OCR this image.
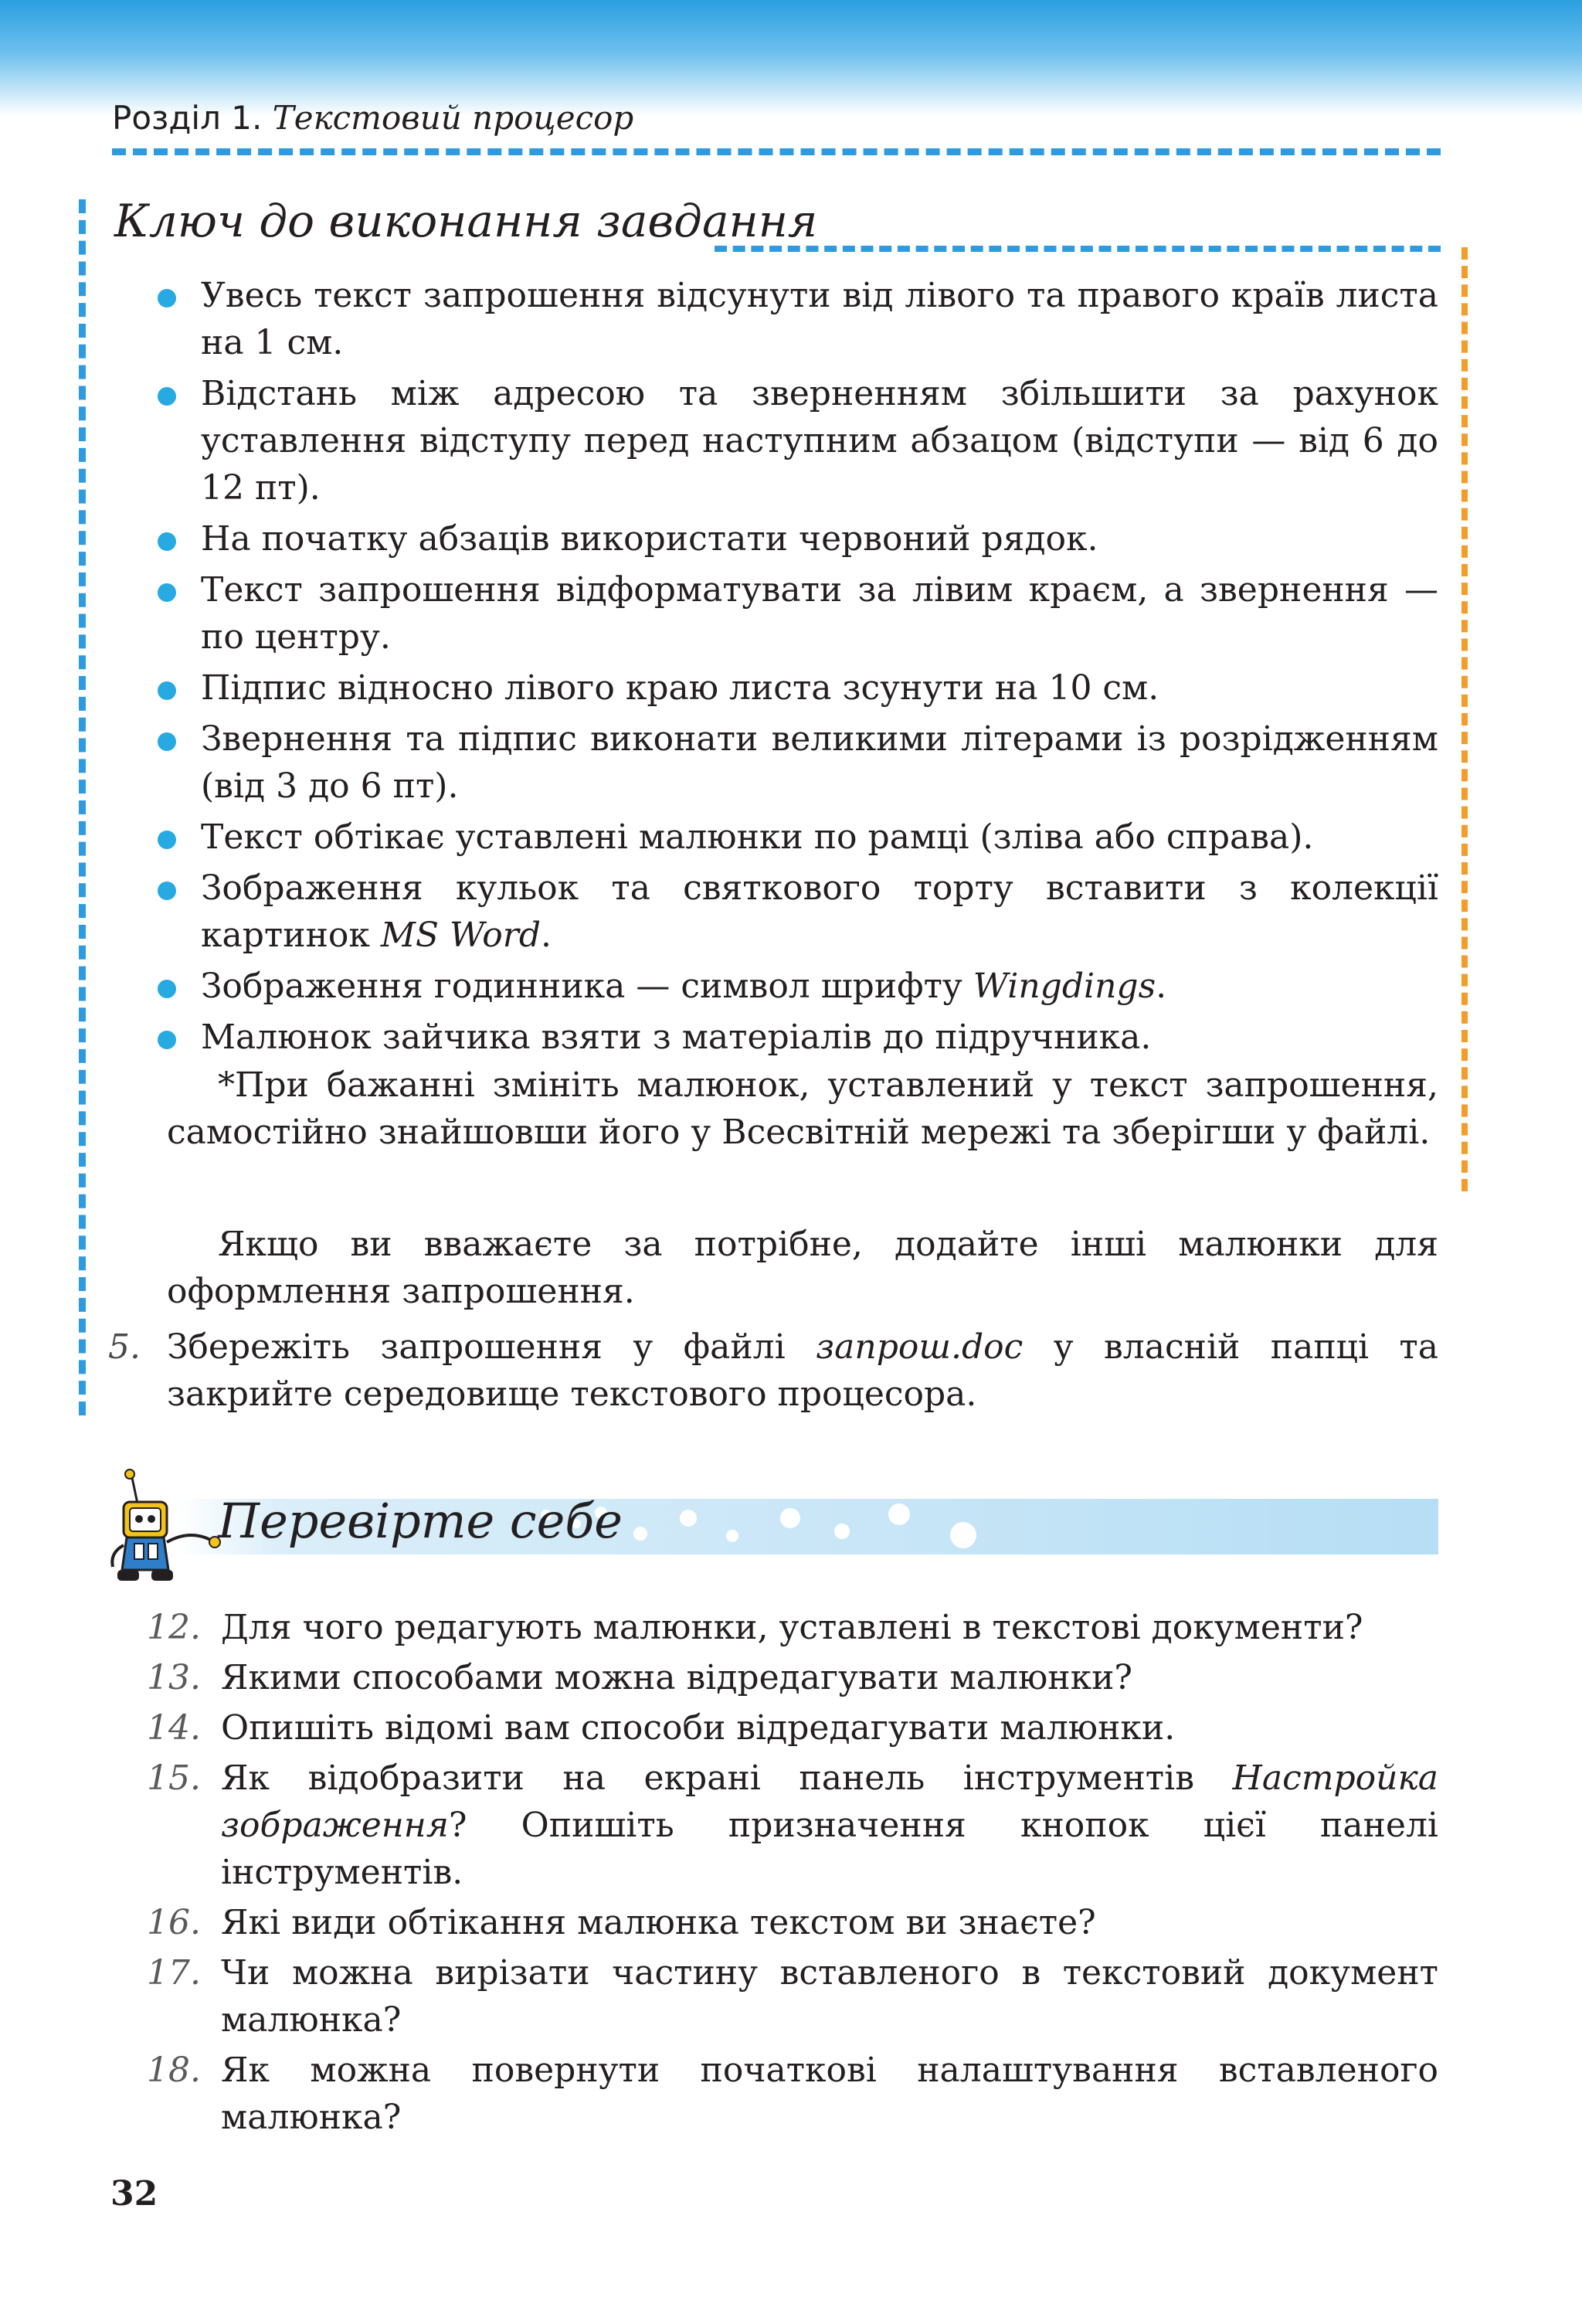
Розділ 1. Текстовий процесор
Ключ до виконання завдання
Увесь текст запрошення відсунути від лівого та правого країв листа на 1 см.
Відстань між адресою та зверненням збільшити за рахунок уставлення відступу перед наступним абзацом (відступи — від 6 до 12 пт).
На початку абзаців використати червоний рядок.
Текст запрошення відформатувати за лівим краєм, а звернення — по центру.
Підпис відносно лівого краю листа зсунути на 10 см.
Звернення та підпис виконати великими літерами із розрідженням (від 3 до 6 пт).
Текст обтікає уставлені малюнки по рамці (зліва або справа).
Зображення кульок та святкового торту вставити з колекції картинок MS Word.
Зображення годинника — символ шрифту Wingdings.
Малюнок зайчика взяти з матеріалів до підручника.
*При бажанні змініть малюнок, уставлений у текст запрошення, самостійно знайшовши його у Всесвітній мережі та зберігши у файлі.
Якщо ви вважаєте за потрібне, додайте інші малюнки для оформлення запрошення.
5. Збережіть запрошення у файлі запрош.doc у власній папці та закрийте середовище текстового процесора.
Перевірте себе
12. Для чого редагують малюнки, уставлені в текстові документи?
13. Якими способами можна відредагувати малюнки?
14. Опишіть відомі вам способи відредагувати малюнки.
15. Як відобразити на екрані панель інструментів Настройка зображення? Опишіть призначення кнопок цієї панелі інструментів.
16. Які види обтікання малюнка текстом ви знаєте?
17. Чи можна вирізати частину вставленого в текстовий документ малюнка?
18. Як можна повернути початкові налаштування вставленого малюнка?
32
